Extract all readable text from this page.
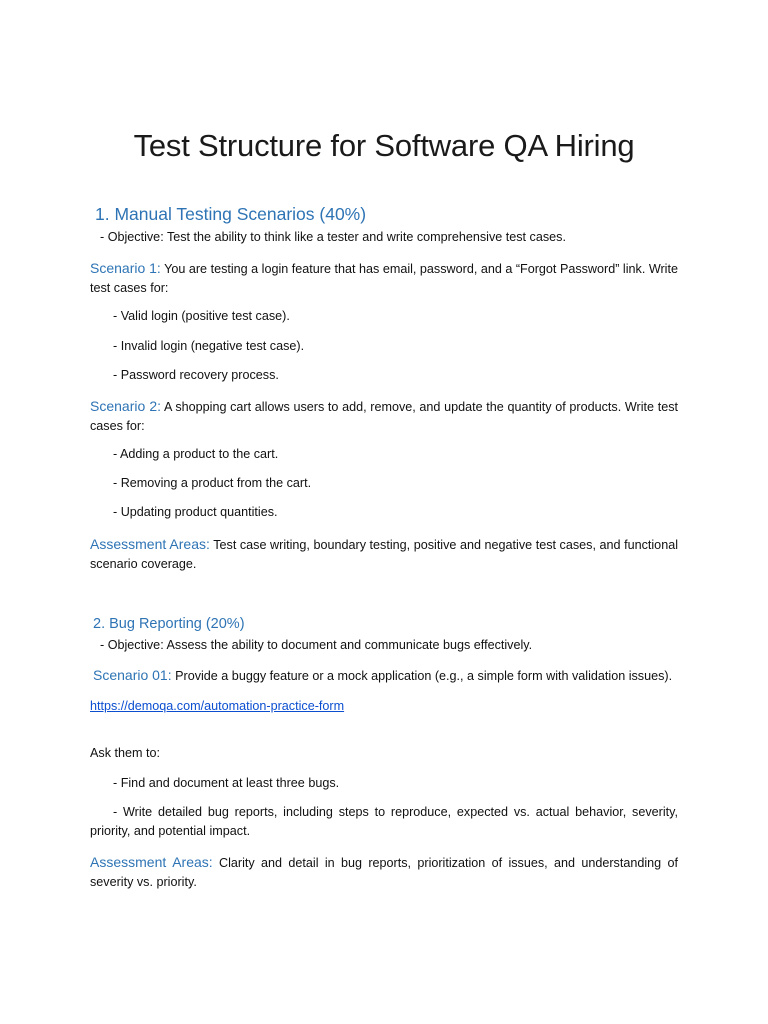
Test Structure for Software QA Hiring
1. Manual Testing Scenarios (40%)
- Objective: Test the ability to think like a tester and write comprehensive test cases.
Scenario 1: You are testing a login feature that has email, password, and a “Forgot Password” link. Write test cases for:
- Valid login (positive test case).
- Invalid login (negative test case).
- Password recovery process.
Scenario 2: A shopping cart allows users to add, remove, and update the quantity of products. Write test cases for:
- Adding a product to the cart.
- Removing a product from the cart.
- Updating product quantities.
Assessment Areas: Test case writing, boundary testing, positive and negative test cases, and functional scenario coverage.
2. Bug Reporting (20%)
- Objective: Assess the ability to document and communicate bugs effectively.
Scenario 01: Provide a buggy feature or a mock application (e.g., a simple form with validation issues).
https://demoqa.com/automation-practice-form
Ask them to:
- Find and document at least three bugs.
- Write detailed bug reports, including steps to reproduce, expected vs. actual behavior, severity, priority, and potential impact.
Assessment Areas: Clarity and detail in bug reports, prioritization of issues, and understanding of severity vs. priority.
